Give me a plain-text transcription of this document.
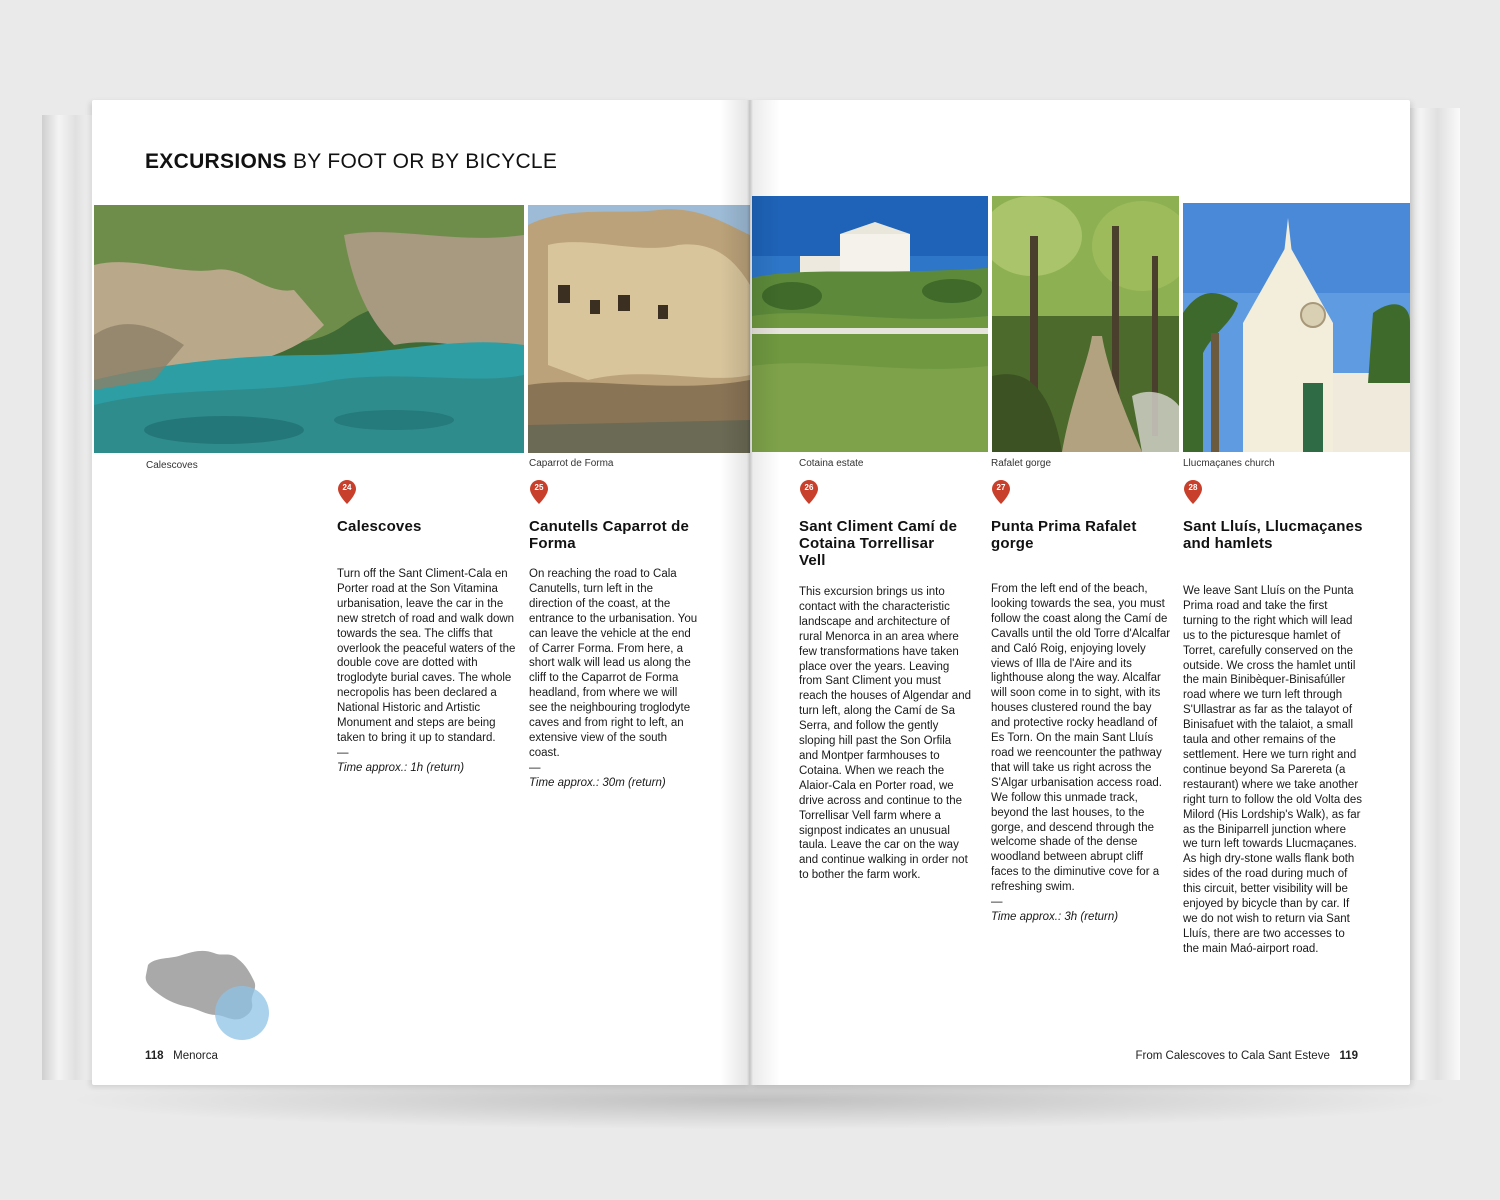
EXCURSIONS BY FOOT OR BY BICYCLE
Calescoves	Caparrot de Forma
24
Calescoves
Turn off the Sant Climent-Cala en Porter road at the Son Vitamina urbanisation, leave the car in the new stretch of road and walk down towards the sea. The cliffs that overlook the peaceful waters of the double cove are dotted with troglodyte burial caves. The whole necropolis has been declared a National Historic and Artistic Monument and steps are being taken to bring it up to standard.
—
Time approx.: 1h (return)
25
Canutells Caparrot de Forma
On reaching the road to Cala Canutells, turn left in the direction of the coast, at the entrance to the urbanisation. You can leave the vehicle at the end of Carrer Forma. From here, a short walk will lead us along the cliff to the Caparrot de Forma headland, from where we will see the neighbouring troglodyte caves and from right to left, an extensive view of the south coast.
—
Time approx.: 30m (return)
118 Menorca
Cotaina estate	Rafalet gorge	Llucmaçanes church
26
Sant Climent Camí de Cotaina Torrellisar Vell
This excursion brings us into contact with the characteristic landscape and architecture of rural Menorca in an area where few transformations have taken place over the years. Leaving from Sant Climent you must reach the houses of Algendar and turn left, along the Camí de Sa Serra, and follow the gently sloping hill past the Son Orfila and Montper farmhouses to Cotaina. When we reach the Alaior-Cala en Porter road, we drive across and continue to the Torrellisar Vell farm where a signpost indicates an unusual taula. Leave the car on the way and continue walking in order not to bother the farm work.
27
Punta Prima Rafalet gorge
From the left end of the beach, looking towards the sea, you must follow the coast along the Camí de Cavalls until the old Torre d'Alcalfar and Caló Roig, enjoying lovely views of Illa de l'Aire and its lighthouse along the way. Alcalfar will soon come in to sight, with its houses clustered round the bay and protective rocky headland of Es Torn. On the main Sant Lluís road we reencounter the pathway that will take us right across the S'Algar urbanisation access road. We follow this unmade track, beyond the last houses, to the gorge, and descend through the welcome shade of the dense woodland between abrupt cliff faces to the diminutive cove for a refreshing swim.
—
Time approx.: 3h (return)
28
Sant Lluís, Llucmaçanes and hamlets
We leave Sant Lluís on the Punta Prima road and take the first turning to the right which will lead us to the picturesque hamlet of Torret, carefully conserved on the outside. We cross the hamlet until the main Binibèquer-Binisafúller road where we turn left through S'Ullastrar as far as the talayot of Binisafuet with the talaiot, a small taula and other remains of the settlement. Here we turn right and continue beyond Sa Parereta (a restaurant) where we take another right turn to follow the old Volta des Milord (His Lordship's Walk), as far as the Biniparrell junction where we turn left towards Llucmaçanes. As high dry-stone walls flank both sides of the road during much of this circuit, better visibility will be enjoyed by bicycle than by car. If we do not wish to return via Sant Lluís, there are two accesses to the main Maó-airport road.
From Calescoves to Cala Sant Esteve 119
